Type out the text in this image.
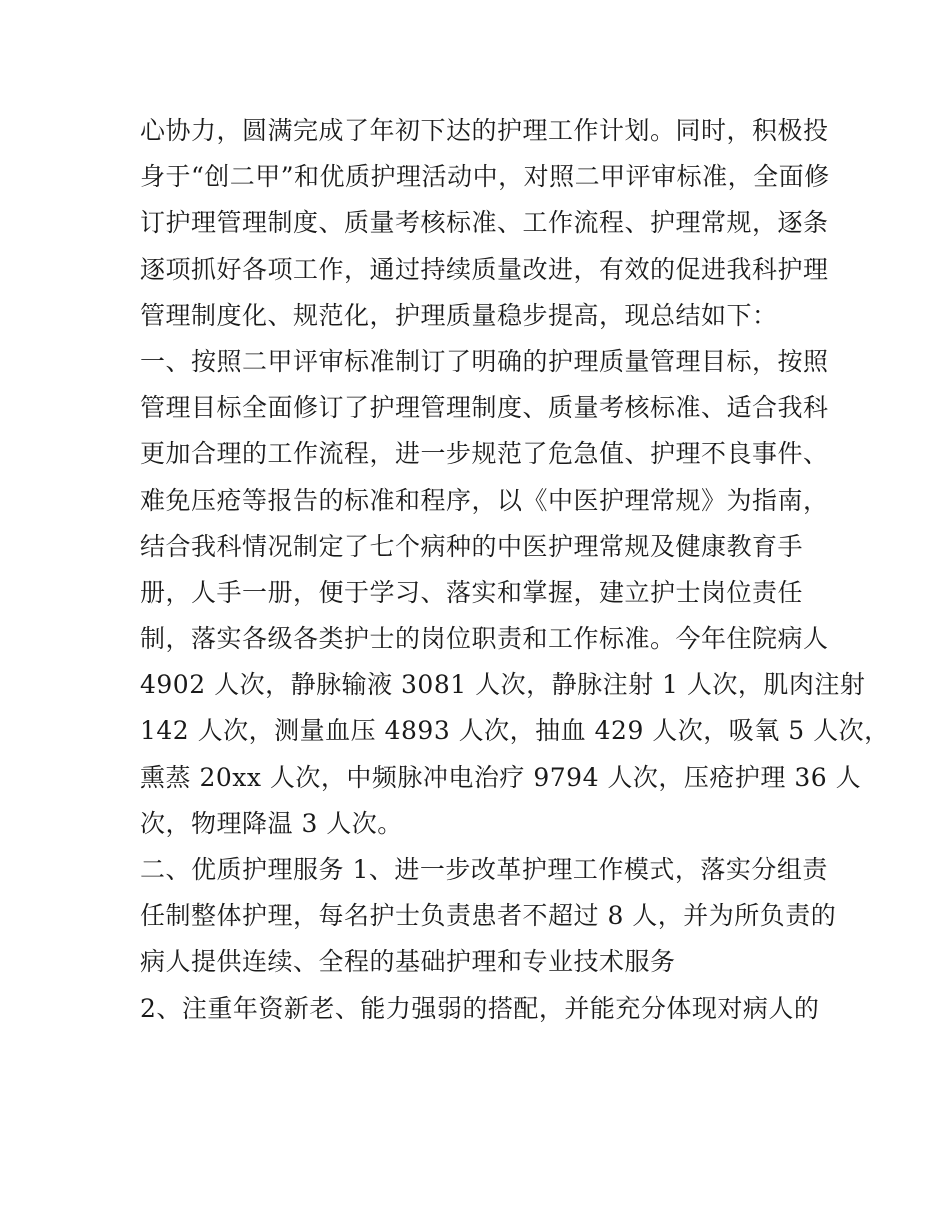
心协力，圆满完成了年初下达的护理工作计划。同时，积极投
身于“创二甲”和优质护理活动中，对照二甲评审标准，全面修
订护理管理制度、质量考核标准、工作流程、护理常规，逐条
逐项抓好各项工作，通过持续质量改进，有效的促进我科护理
管理制度化、规范化，护理质量稳步提高，现总结如下：
一、按照二甲评审标准制订了明确的护理质量管理目标，按照
管理目标全面修订了护理管理制度、质量考核标准、适合我科
更加合理的工作流程，进一步规范了危急值、护理不良事件、
难免压疮等报告的标准和程序，以《中医护理常规》为指南，
结合我科情况制定了七个病种的中医护理常规及健康教育手
册，人手一册，便于学习、落实和掌握，建立护士岗位责任
制，落实各级各类护士的岗位职责和工作标准。今年住院病人
4902 人次，静脉输液 3081 人次，静脉注射 1 人次，肌肉注射
142 人次，测量血压 4893 人次，抽血 429 人次，吸氧 5 人次，
熏蒸 20xx 人次，中频脉冲电治疗 9794 人次，压疮护理 36 人
次，物理降温 3 人次。
二、优质护理服务 1、进一步改革护理工作模式，落实分组责
任制整体护理，每名护士负责患者不超过 8 人，并为所负责的
病人提供连续、全程的基础护理和专业技术服务
2、注重年资新老、能力强弱的搭配，并能充分体现对病人的
